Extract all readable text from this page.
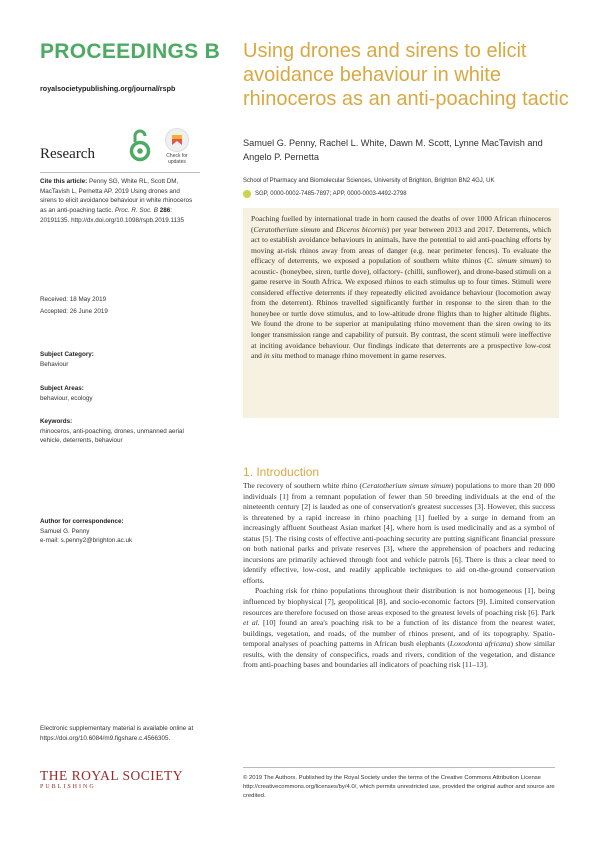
PROCEEDINGS B
royalsocietypublishing.org/journal/rspb
Research	Check for updates
Cite this article: Penny SG, White RL, Scott DM, MacTavish L, Pernetta AP. 2019 Using drones and sirens to elicit avoidance behaviour in white rhinoceros as an anti-poaching tactic. Proc. R. Soc. B 286: 20191135. http://dx.doi.org/10.1098/rspb.2019.1135
Received: 18 May 2019
Accepted: 26 June 2019
Subject Category:
Behaviour
Subject Areas:
behaviour, ecology
Keywords:
rhinoceros, anti-poaching, drones, unmanned aerial vehicle, deterrents, behaviour
Author for correspondence:
Samuel G. Penny
e-mail: s.penny2@brighton.ac.uk
Electronic supplementary material is available online at https://doi.org/10.6084/m9.figshare.c.4566305.
THE ROYAL SOCIETY
PUBLISHING
Using drones and sirens to elicit avoidance behaviour in white rhinoceros as an anti-poaching tactic
Samuel G. Penny, Rachel L. White, Dawn M. Scott, Lynne MacTavish and Angelo P. Pernetta
School of Pharmacy and Biomolecular Sciences, University of Brighton, Brighton BN2 4GJ, UK
SGP, 0000-0002-7485-7897; APP, 0000-0003-4492-2798
Poaching fuelled by international trade in horn caused the deaths of over 1000 African rhinoceros (Ceratotherium simum and Diceros bicornis) per year between 2013 and 2017. Deterrents, which act to establish avoidance behaviours in animals, have the potential to aid anti-poaching efforts by moving at-risk rhinos away from areas of danger (e.g. near perimeter fences). To evaluate the efficacy of deterrents, we exposed a population of southern white rhinos (C. simum simum) to acoustic- (honeybee, siren, turtle dove), olfactory- (chilli, sunflower), and drone-based stimuli on a game reserve in South Africa. We exposed rhinos to each stimulus up to four times. Stimuli were considered effective deterrents if they repeatedly elicited avoidance behaviour (locomotion away from the deterrent). Rhinos travelled significantly further in response to the siren than to the honeybee or turtle dove stimulus, and to low-altitude drone flights than to higher altitude flights. We found the drone to be superior at manipulating rhino movement than the siren owing to its longer transmission range and capability of pursuit. By contrast, the scent stimuli were ineffective at inciting avoidance behaviour. Our findings indicate that deterrents are a prospective low-cost and in situ method to manage rhino movement in game reserves.
1. Introduction

The recovery of southern white rhino (Ceratotherium simum simum) populations to more than 20 000 individuals [1] from a remnant population of fewer than 50 breeding individuals at the end of the nineteenth century [2] is lauded as one of conservation's greatest successes [3]. However, this success is threatened by a rapid increase in rhino poaching [1] fuelled by a surge in demand from an increasingly affluent Southeast Asian market [4], where horn is used medicinally and as a symbol of status [5]. The rising costs of effective anti-poaching security are putting significant financial pressure on both national parks and private reserves [3], where the apprehension of poachers and reducing incursions are primarily achieved through foot and vehicle patrols [6]. There is thus a clear need to identify effective, low-cost, and readily applicable techniques to aid on-the-ground conservation efforts.

Poaching risk for rhino populations throughout their distribution is not homogeneous [1], being influenced by biophysical [7], geopolitical [8], and socio-economic factors [9]. Limited conservation resources are therefore focused on those areas exposed to the greatest levels of poaching risk [6]. Park et al. [10] found an area's poaching risk to be a function of its distance from the nearest water, buildings, vegetation, and roads, of the number of rhinos present, and of its topography. Spatio-temporal analyses of poaching patterns in African bush elephants (Loxodonta africana) show similar results, with the density of conspecifics, roads and rivers, condition of the vegetation, and distance from anti-poaching bases and boundaries all indicators of poaching risk [11–13].

© 2019 The Authors. Published by the Royal Society under the terms of the Creative Commons Attribution License http://creativecommons.org/licenses/by/4.0/, which permits unrestricted use, provided the original author and source are credited.
